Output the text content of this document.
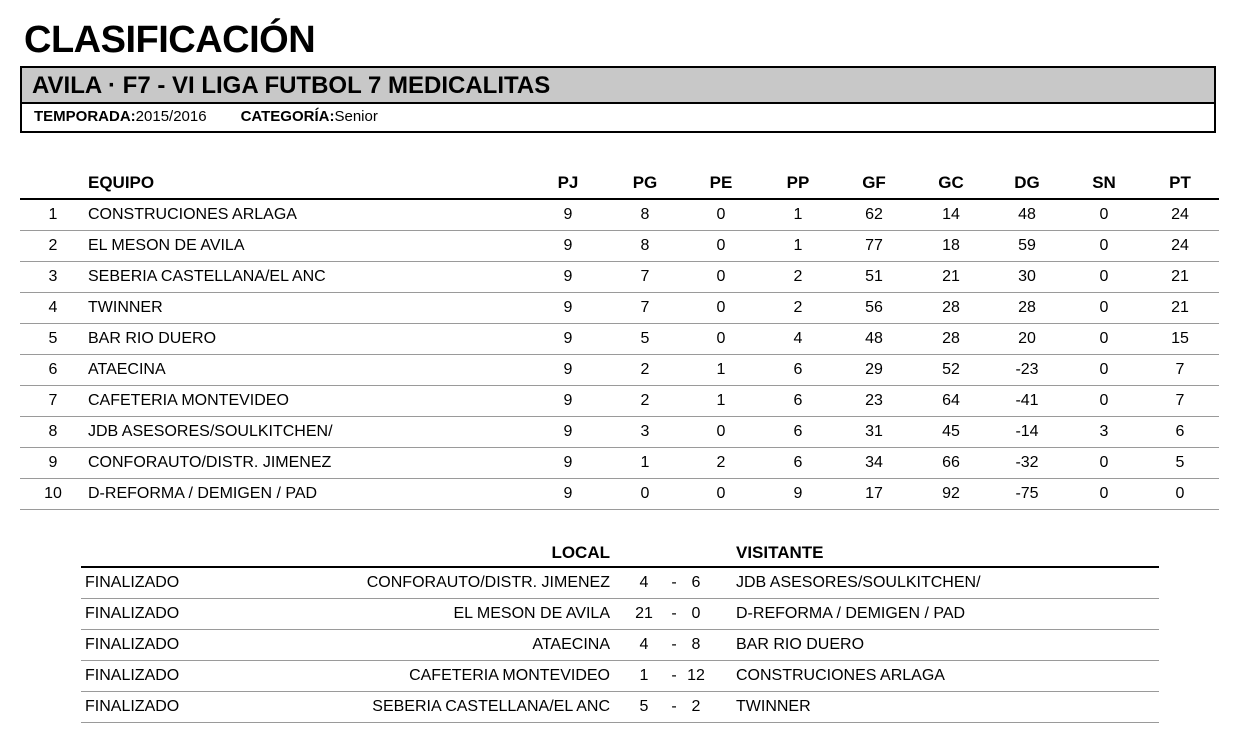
CLASIFICACIÓN
AVILA · F7 - VI LIGA FUTBOL 7 MEDICALITAS
TEMPORADA:2015/2016 CATEGORÍA:Senior
EQUIPO	PJ	PG	PE	PP	GF	GC	DG	SN	PT
1	CONSTRUCIONES ARLAGA	9	8	0	1	62	14	48	0	24
2	EL MESON DE AVILA	9	8	0	1	77	18	59	0	24
3	SEBERIA CASTELLANA/EL ANC	9	7	0	2	51	21	30	0	21
4	TWINNER	9	7	0	2	56	28	28	0	21
5	BAR RIO DUERO	9	5	0	4	48	28	20	0	15
6	ATAECINA	9	2	1	6	29	52	-23	0	7
7	CAFETERIA MONTEVIDEO	9	2	1	6	23	64	-41	0	7
8	JDB ASESORES/SOULKITCHEN/	9	3	0	6	31	45	-14	3	6
9	CONFORAUTO/DISTR. JIMENEZ	9	1	2	6	34	66	-32	0	5
10	D-REFORMA / DEMIGEN / PAD	9	0	0	9	17	92	-75	0	0
LOCAL	VISITANTE
FINALIZADO	CONFORAUTO/DISTR. JIMENEZ	4	- 6	JDB ASESORES/SOULKITCHEN/
FINALIZADO	EL MESON DE AVILA	21	- 0	D-REFORMA / DEMIGEN / PAD
FINALIZADO	ATAECINA	4	- 8	BAR RIO DUERO
FINALIZADO	CAFETERIA MONTEVIDEO	1	- 12	CONSTRUCIONES ARLAGA
FINALIZADO	SEBERIA CASTELLANA/EL ANC	5	- 2	TWINNER
